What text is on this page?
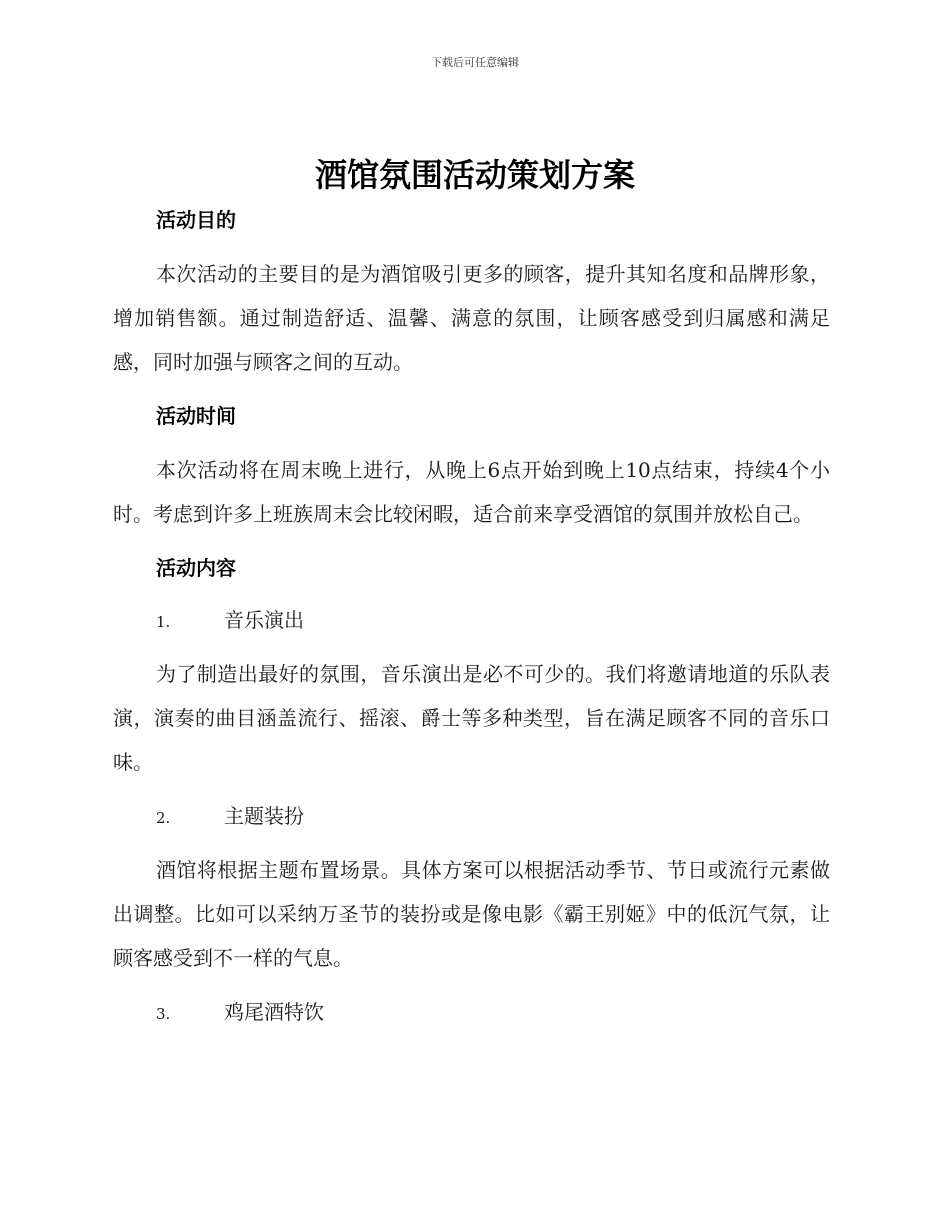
下载后可任意编辑
酒馆氛围活动策划方案
活动目的

本次活动的主要目的是为酒馆吸引更多的顾客，提升其知名度和品牌形象，增加销售额。通过制造舒适、温馨、满意的氛围，让顾客感受到归属感和满足感，同时加强与顾客之间的互动。

活动时间

本次活动将在周末晚上进行，从晚上6点开始到晚上10点结束，持续4个小时。考虑到许多上班族周末会比较闲暇，适合前来享受酒馆的氛围并放松自己。

活动内容
1.	音乐演出

为了制造出最好的氛围，音乐演出是必不可少的。我们将邀请地道的乐队表演，演奏的曲目涵盖流行、摇滚、爵士等多种类型，旨在满足顾客不同的音乐口味。

2.	主题装扮

酒馆将根据主题布置场景。具体方案可以根据活动季节、节日或流行元素做出调整。比如可以采纳万圣节的装扮或是像电影《霸王别姬》中的低沉气氛，让顾客感受到不一样的气息。

3.	鸡尾酒特饮
